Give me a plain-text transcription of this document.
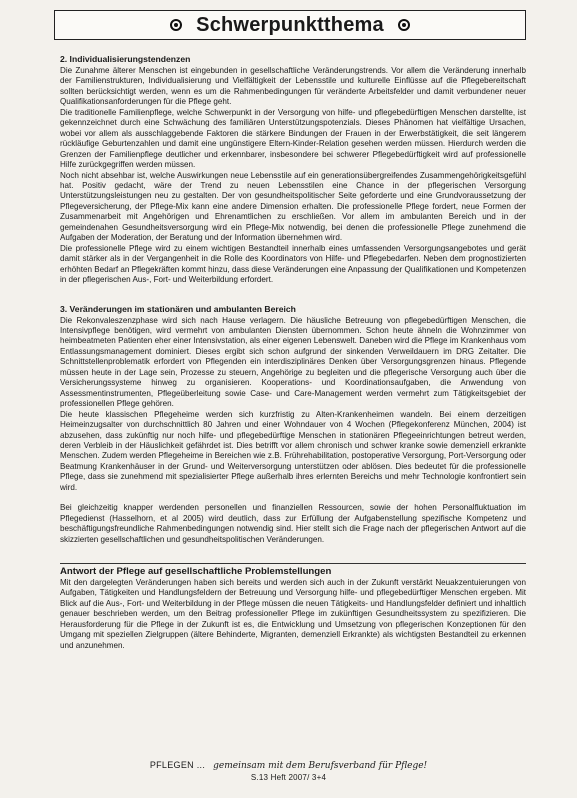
Schwerpunktthema
2. Individualisierungstendenzen

Die Zunahme älterer Menschen ist eingebunden in gesellschaftliche Veränderungstrends. Vor allem die Veränderung innerhalb der Familienstrukturen, Individualisierung und Vielfältigkeit der Lebensstile und kulturelle Einflüsse auf die Pflegebereitschaft sollten berücksichtigt werden, wenn es um die Rahmenbedingungen für veränderte Arbeitsfelder und damit verbundener neuer Qualifikationsanforderungen für die Pflege geht.

Die traditionelle Familienpflege, welche Schwerpunkt in der Versorgung von hilfe- und pflegebedürftigen Menschen darstellte, ist gekennzeichnet durch eine Schwächung des familiären Unterstützungspotenzials. Dieses Phänomen hat vielfältige Ursachen, wobei vor allem als ausschlaggebende Faktoren die stärkere Bindungen der Frauen in der Erwerbstätigkeit, die seit längerem rückläufige Geburtenzahlen und damit eine ungünstigere Eltern-Kinder-Relation gesehen werden müssen. Hierdurch werden die Grenzen der Familienpflege deutlicher und erkennbarer, insbesondere bei schwerer Pflegebedürftigkeit wird auf professionelle Hilfe zurückgegriffen werden müssen.

Noch nicht absehbar ist, welche Auswirkungen neue Lebensstile auf ein generationsübergreifendes Zusammengehörigkeitsgefühl hat. Positiv gedacht, wäre der Trend zu neuen Lebensstilen eine Chance in der pflegerischen Versorgung Unterstützungsleistungen neu zu gestalten. Der von gesundheitspolitischer Seite geforderte und eine Grundvoraussetzung der Pflegeversicherung, der Pflege-Mix kann eine andere Dimension erhalten. Die professionelle Pflege fordert, neue Formen der Zusammenarbeit mit Angehörigen und Ehrenamtlichen zu erschließen. Vor allem im ambulanten Bereich und in der gemeindenahen Gesundheitsversorgung wird ein Pflege-Mix notwendig, bei denen die professionelle Pflege zunehmend die Aufgaben der Moderation, der Beratung und der Information übernehmen wird.

Die professionelle Pflege wird zu einem wichtigen Bestandteil innerhalb eines umfassenden Versorgungsangebotes und gerät damit stärker als in der Vergangenheit in die Rolle des Koordinators von Hilfe- und Pflegebedarfen. Neben dem prognostizierten erhöhten Bedarf an Pflegekräften kommt hinzu, dass diese Veränderungen eine Anpassung der Qualifikationen und Kompetenzen in der pflegerischen Aus-, Fort- und Weiterbildung erfordert.

3. Veränderungen im stationären und ambulanten Bereich

Die Rekonvaleszenzphase wird sich nach Hause verlagern. Die häusliche Betreuung von pflegebedürftigen Menschen, die Intensivpflege benötigen, wird vermehrt von ambulanten Diensten übernommen. Schon heute ähneln die Wohnzimmer von heimbeatmeten Patienten eher einer Intensivstation, als einer eigenen Lebenswelt. Daneben wird die Pflege im Krankenhaus vom Entlassungsmanagement dominiert. Dieses ergibt sich schon aufgrund der sinkenden Verweildauern im DRG Zeitalter. Die Schnittstellenproblematik erfordert von Pflegenden ein interdisziplinäres Denken über Versorgungsgrenzen hinaus. Pflegende müssen heute in der Lage sein, Prozesse zu steuern, Angehörige zu begleiten und die pflegerische Versorgung auch über die Versicherungssysteme hinweg zu organisieren. Kooperations- und Koordinationsaufgaben, die Anwendung von Assessmentinstrumenten, Pflegeüberleitung sowie Case- und Care-Management werden vermehrt zum Tätigkeitsgebiet der professionellen Pflege gehören.

Die heute klassischen Pflegeheime werden sich kurzfristig zu Alten-Krankenheimen wandeln. Bei einem derzeitigen Heimeinzugsalter von durchschnittlich 80 Jahren und einer Wohndauer von 4 Wochen (Pflegekonferenz München, 2004) ist abzusehen, dass zukünftig nur noch hilfe- und pflegebedürftige Menschen in stationären Pflegeeinrichtungen betreut werden, deren Verbleib in der Häuslichkeit gefährdet ist. Dies betrifft vor allem chronisch und schwer kranke sowie demenziell erkrankte Menschen. Zudem werden Pflegeheime in Bereichen wie z.B. Frührehabilitation, postoperative Versorgung, Port-Versorgung oder Beatmung Krankenhäuser in der Grund- und Weiterversorgung unterstützen oder ablösen. Dies bedeutet für die professionelle Pflege, dass sie zunehmend mit spezialisierter Pflege außerhalb ihres erlernten Bereichs und mehr Technologie konfrontiert sein wird.

Bei gleichzeitig knapper werdenden personellen und finanziellen Ressourcen, sowie der hohen Personalfluktuation im Pflegedienst (Hasselhorn, et al 2005) wird deutlich, dass zur Erfüllung der Aufgabenstellung spezifische Kompetenz und beschäftigungsfreundliche Rahmenbedingungen notwendig sind. Hier stellt sich die Frage nach der pflegerischen Antwort auf die skizzierten gesellschaftlichen und gesundheitspolitischen Veränderungen.

Antwort der Pflege auf gesellschaftliche Problemstellungen

Mit den dargelegten Veränderungen haben sich bereits und werden sich auch in der Zukunft verstärkt Neuakzentuierungen von Aufgaben, Tätigkeiten und Handlungsfeldern der Betreuung und Versorgung hilfe- und pflegebedürftiger Menschen ergeben. Mit Blick auf die Aus-, Fort- und Weiterbildung in der Pflege müssen die neuen Tätigkeits- und Handlungsfelder definiert und inhaltlich genauer beschrieben werden, um den Beitrag professioneller Pflege im zukünftigen Gesundheitssystem zu spezifizieren. Die Herausforderung für die Pflege in der Zukunft ist es, die Entwicklung und Umsetzung von pflegerischen Konzeptionen für den Umgang mit speziellen Zielgruppen (ältere Behinderte, Migranten, demenziell Erkrankte) als wichtigsten Bestandteil zu erkennen und anzunehmen.

PFLEGEN ... gemeinsam mit dem Berufsverband für Pflege!
S.13 Heft 2007/ 3+4
